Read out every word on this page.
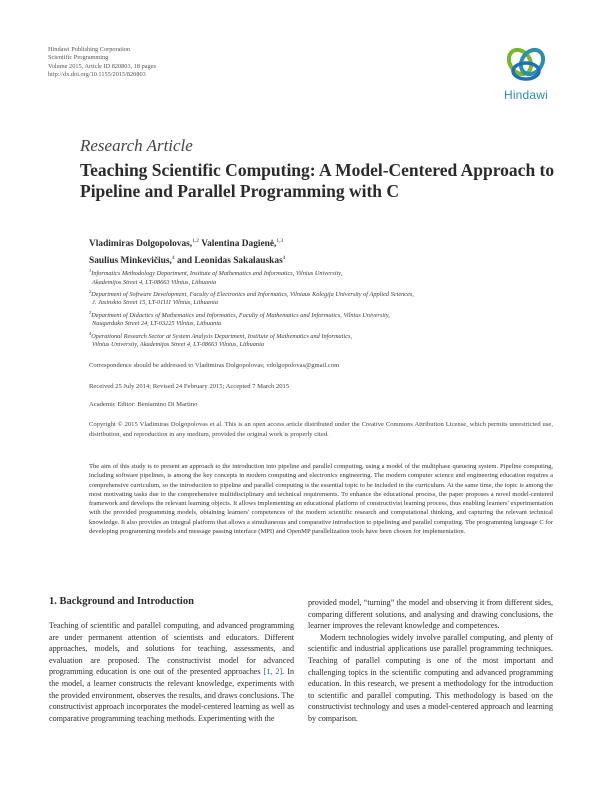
Hindawi Publishing Corporation
Scientific Programming
Volume 2015, Article ID 820803, 18 pages
http://dx.doi.org/10.1155/2015/820803
Hindawi
Research Article
Teaching Scientific Computing: A Model-Centered Approach to
Pipeline and Parallel Programming with C
Vladimiras Dolgopolovas,$^{1,2}$ Valentina Dagienė,$^{1,3}$
Saulius Minkevičius,$^4$ and Leonidas Sakalauskas$^4$
$^1$Informatics Methodology Department, Institute of Mathematics and Informatics, Vilnius University,
Akademijos Street 4, LT-08663 Vilnius, Lithuania
$^2$Department of Software Development, Faculty of Electronics and Informatics, Vilniaus Kolegija University of Applied Sciences,
J. Jasinskio Street 15, LT-01111 Vilnius, Lithuania
$^3$Department of Didactics of Mathematics and Informatics, Faculty of Mathematics and Informatics, Vilnius University,
Naugarduko Street 24, LT-03225 Vilnius, Lithuania
$^4$Operational Research Sector at System Analysis Department, Institute of Mathematics and Informatics,
Vilnius University, Akademijos Street 4, LT-08663 Vilnius, Lithuania
Correspondence should be addressed to Vladimiras Dolgopolovas; vdolgopolovas@gmail.com
Received 25 July 2014; Revised 24 February 2015; Accepted 7 March 2015
Academic Editor: Beniamino Di Martino
Copyright © 2015 Vladimiras Dolgopolovas et al. This is an open access article distributed under the Creative Commons Attribution License, which permits unrestricted use, distribution, and reproduction in any medium, provided the original work is properly cited.
The aim of this study is to present an approach to the introduction into pipeline and parallel computing, using a model of the multiphase queueing system. Pipeline computing, including software pipelines, is among the key concepts in modern computing and electronics engineering. The modern computer science and engineering education requires a comprehensive curriculum, so the introduction to pipeline and parallel computing is the essential topic to be included in the curriculum. At the same time, the topic is among the most motivating tasks due to the comprehensive multidisciplinary and technical requirements. To enhance the educational process, the paper proposes a novel model-centered framework and develops the relevant learning objects. It allows implementing an educational platform of constructivist learning process, thus enabling learners' experimentation with the provided programming models, obtaining learners' competences of the modern scientific research and computational thinking, and capturing the relevant technical knowledge. It also provides an integral platform that allows a simultaneous and comparative introduction to pipelining and parallel computing. The programming language C for developing programming models and message passing interface (MPI) and OpenMP parallelization tools have been chosen for implementation.
1. Background and Introduction

Teaching of scientific and parallel computing, and advanced programming are under permanent attention of scientists and educators. Different approaches, models, and solutions for teaching, assessments, and evaluation are proposed. The constructivist model for advanced programming education is one out of the presented approaches [1, 2]. In the model, a learner constructs the relevant knowledge, experiments with the provided environment, observes the results, and draws conclusions. The constructivist approach incorporates the model-centered learning as well as comparative programming teaching methods. Experimenting with the

provided model, “turning” the model and observing it from different sides, comparing different solutions, and analysing and drawing conclusions, the learner improves the relevant knowledge and competences.

Modern technologies widely involve parallel computing, and plenty of scientific and industrial applications use parallel programming techniques. Teaching of parallel computing is one of the most important and challenging topics in the scientific computing and advanced programming education. In this research, we present a methodology for the introduction to scientific and parallel computing. This methodology is based on the constructivist technology and uses a model-centered approach and learning by comparison.
